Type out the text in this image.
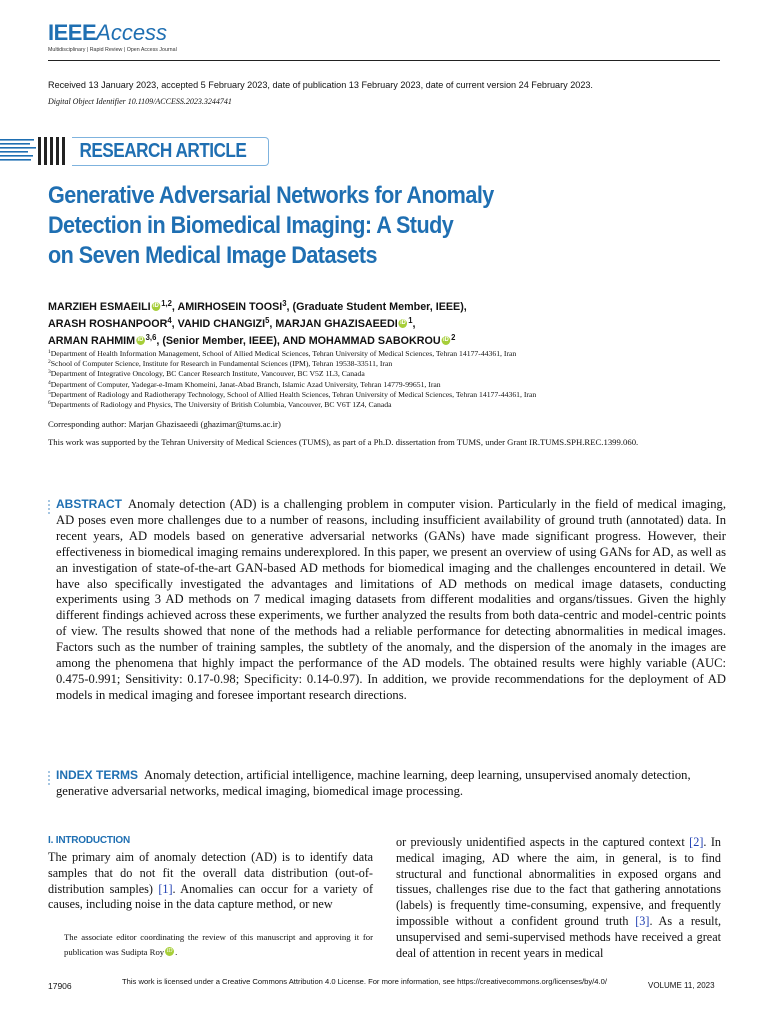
IEEEAccess
Multidisciplinary | Rapid Review | Open Access Journal
Received 13 January 2023, accepted 5 February 2023, date of publication 13 February 2023, date of current version 24 February 2023.
Digital Object Identifier 10.1109/ACCESS.2023.3244741
RESEARCH ARTICLE
Generative Adversarial Networks for Anomaly
Detection in Biomedical Imaging: A Study
on Seven Medical Image Datasets
MARZIEH ESMAEILI iD $^{1,2}$, AMIRHOSEIN TOOSI$^3$, (Graduate Student Member, IEEE),
ARASH ROSHANPOOR$^4$, VAHID CHANGIZI$^5$, MARJAN GHAZISAEEDI iD $^1$,
ARMAN RAHMIM iD $^{3,6}$, (Senior Member, IEEE), AND MOHAMMAD SABOKROU iD $^2$
$^1$Department of Health Information Management, School of Allied Medical Sciences, Tehran University of Medical Sciences, Tehran 14177-44361, Iran
$^2$School of Computer Science, Institute for Research in Fundamental Sciences (IPM), Tehran 19538-33511, Iran
$^3$Department of Integrative Oncology, BC Cancer Research Institute, Vancouver, BC V5Z 1L3, Canada
$^4$Department of Computer, Yadegar-e-Imam Khomeini, Janat-Abad Branch, Islamic Azad University, Tehran 14779-99651, Iran
$^5$Department of Radiology and Radiotherapy Technology, School of Allied Health Sciences, Tehran University of Medical Sciences, Tehran 14177-44361, Iran
$^6$Departments of Radiology and Physics, The University of British Columbia, Vancouver, BC V6T 1Z4, Canada
Corresponding author: Marjan Ghazisaeedi (ghazimar@tums.ac.ir)
This work was supported by the Tehran University of Medical Sciences (TUMS), as part of a Ph.D. dissertation from TUMS, under Grant IR.TUMS.SPH.REC.1399.060.
ABSTRACT Anomaly detection (AD) is a challenging problem in computer vision. Particularly in the field of medical imaging, AD poses even more challenges due to a number of reasons, including insufficient availability of ground truth (annotated) data. In recent years, AD models based on generative adversarial networks (GANs) have made significant progress. However, their effectiveness in biomedical imaging remains underexplored. In this paper, we present an overview of using GANs for AD, as well as an investigation of state-of-the-art GAN-based AD methods for biomedical imaging and the challenges encountered in detail. We have also specifically investigated the advantages and limitations of AD methods on medical image datasets, conducting experiments using 3 AD methods on 7 medical imaging datasets from different modalities and organs/tissues. Given the highly different findings achieved across these experiments, we further analyzed the results from both data-centric and model-centric points of view. The results showed that none of the methods had a reliable performance for detecting abnormalities in medical images. Factors such as the number of training samples, the subtlety of the anomaly, and the dispersion of the anomaly in the images are among the phenomena that highly impact the performance of the AD models. The obtained results were highly variable (AUC: 0.475-0.991; Sensitivity: 0.17-0.98; Specificity: 0.14-0.97). In addition, we provide recommendations for the deployment of AD models in medical imaging and foresee important research directions.
INDEX TERMS Anomaly detection, artificial intelligence, machine learning, deep learning, unsupervised anomaly detection, generative adversarial networks, medical imaging, biomedical image processing.
I. INTRODUCTION
The primary aim of anomaly detection (AD) is to identify data samples that do not fit the overall data distribution (out-of-distribution samples) [1]. Anomalies can occur for a variety of causes, including noise in the data capture method, or new
The associate editor coordinating the review of this manuscript and approving it for publication was Sudipta Roy iD .
or previously unidentified aspects in the captured context [2]. In medical imaging, AD where the aim, in general, is to find structural and functional abnormalities in exposed organs and tissues, challenges rise due to the fact that gathering annotations (labels) is frequently time-consuming, expensive, and frequently impossible without a confident ground truth [3]. As a result, unsupervised and semi-supervised methods have received a great deal of attention in recent years in medical
17906	This work is licensed under a Creative Commons Attribution 4.0 License. For more information, see https://creativecommons.org/licenses/by/4.0/	VOLUME 11, 2023
